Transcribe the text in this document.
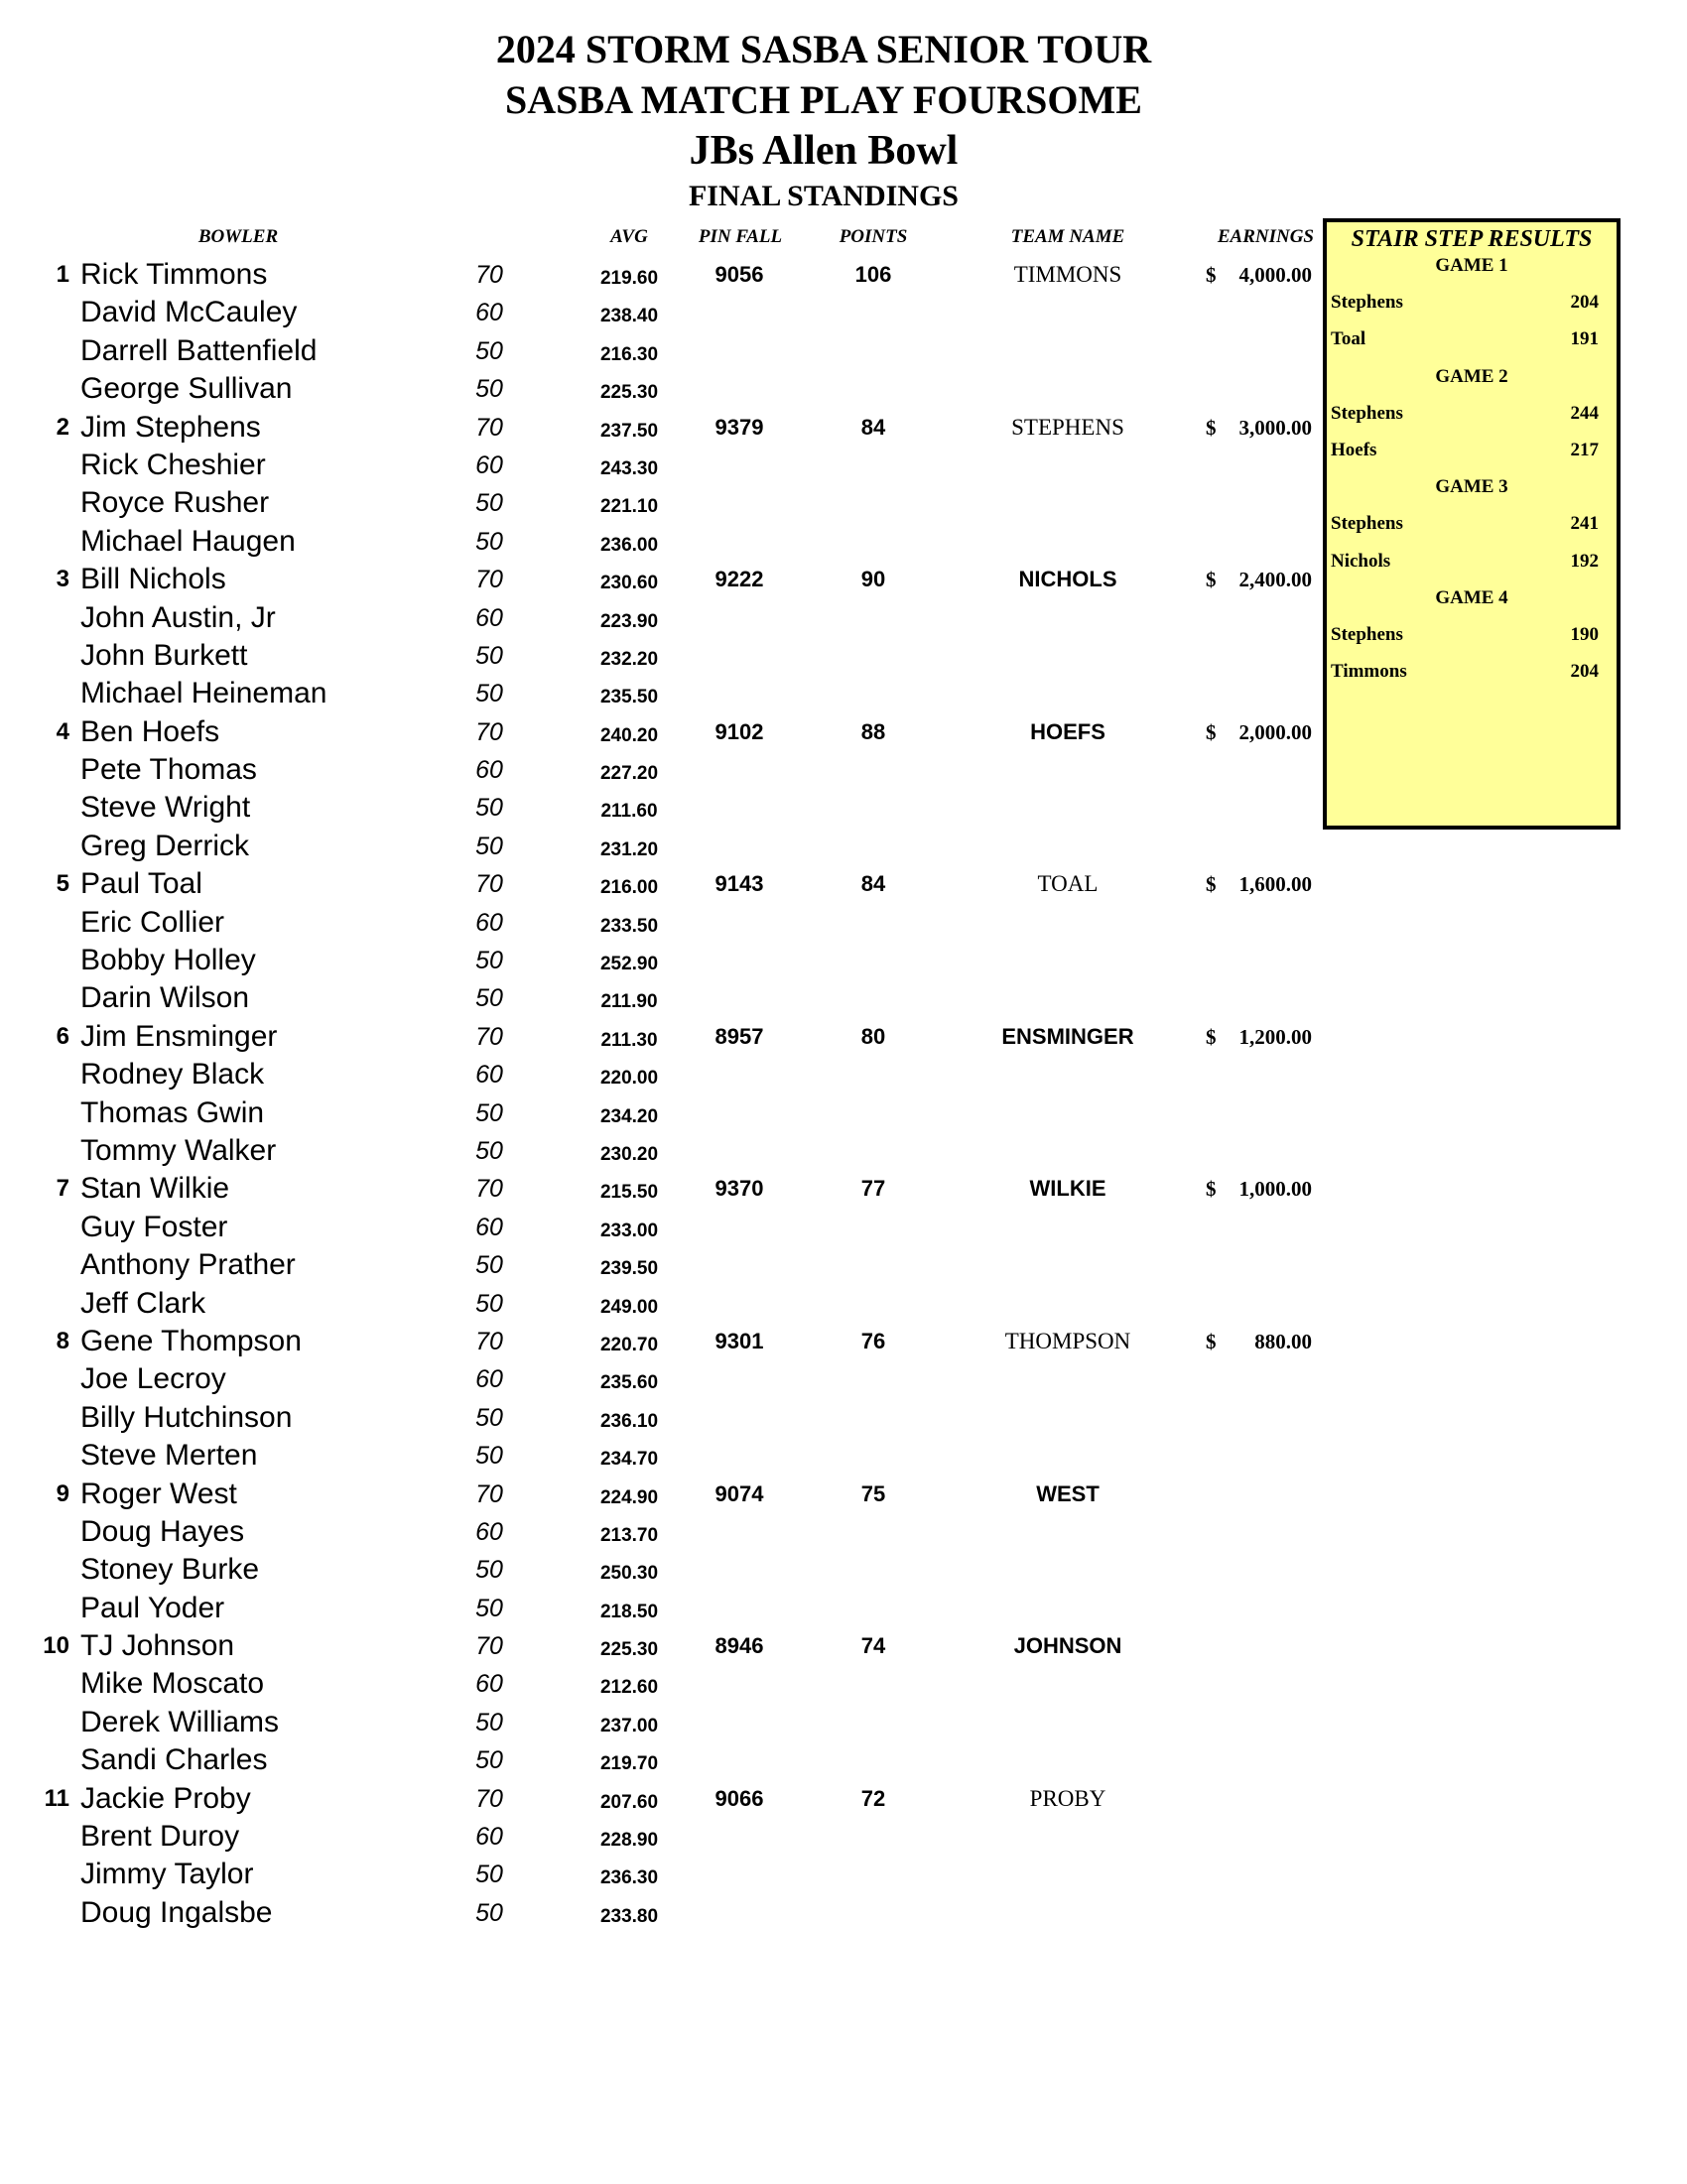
2024 STORM SASBA SENIOR TOUR
SASBA MATCH PLAY FOURSOME
JBs Allen Bowl
FINAL STANDINGS
BOWLER	AVG	PIN FALL	POINTS	TEAM NAME	EARNINGS
1 Rick Timmons	70	219.60	9056	106	TIMMONS	$ 4,000.00
David McCauley	60	238.40
Darrell Battenfield	50	216.30
George Sullivan	50	225.30
2 Jim Stephens	70	237.50	9379	84	STEPHENS	$ 3,000.00
Rick Cheshier	60	243.30
Royce Rusher	50	221.10
Michael Haugen	50	236.00
3 Bill Nichols	70	230.60	9222	90	NICHOLS	$ 2,400.00
John Austin, Jr	60	223.90
John Burkett	50	232.20
Michael Heineman	50	235.50
4 Ben Hoefs	70	240.20	9102	88	HOEFS	$ 2,000.00
Pete Thomas	60	227.20
Steve Wright	50	211.60
Greg Derrick	50	231.20
5 Paul Toal	70	216.00	9143	84	TOAL	$ 1,600.00
Eric Collier	60	233.50
Bobby Holley	50	252.90
Darin Wilson	50	211.90
6 Jim Ensminger	70	211.30	8957	80	ENSMINGER	$ 1,200.00
Rodney Black	60	220.00
Thomas Gwin	50	234.20
Tommy Walker	50	230.20
7 Stan Wilkie	70	215.50	9370	77	WILKIE	$ 1,000.00
Guy Foster	60	233.00
Anthony Prather	50	239.50
Jeff Clark	50	249.00
8 Gene Thompson	70	220.70	9301	76	THOMPSON	$ 880.00
Joe Lecroy	60	235.60
Billy Hutchinson	50	236.10
Steve Merten	50	234.70
9 Roger West	70	224.90	9074	75	WEST
Doug Hayes	60	213.70
Stoney Burke	50	250.30
Paul Yoder	50	218.50
10 TJ Johnson	70	225.30	8946	74	JOHNSON
Mike Moscato	60	212.60
Derek Williams	50	237.00
Sandi Charles	50	219.70
11 Jackie Proby	70	207.60	9066	72	PROBY
Brent Duroy	60	228.90
Jimmy Taylor	50	236.30
Doug Ingalsbe	50	233.80
STAIR STEP RESULTS
GAME 1
Stephens	204
Toal	191
GAME 2
Stephens	244
Hoefs	217
GAME 3
Stephens	241
Nichols	192
GAME 4
Stephens	190
Timmons	204
